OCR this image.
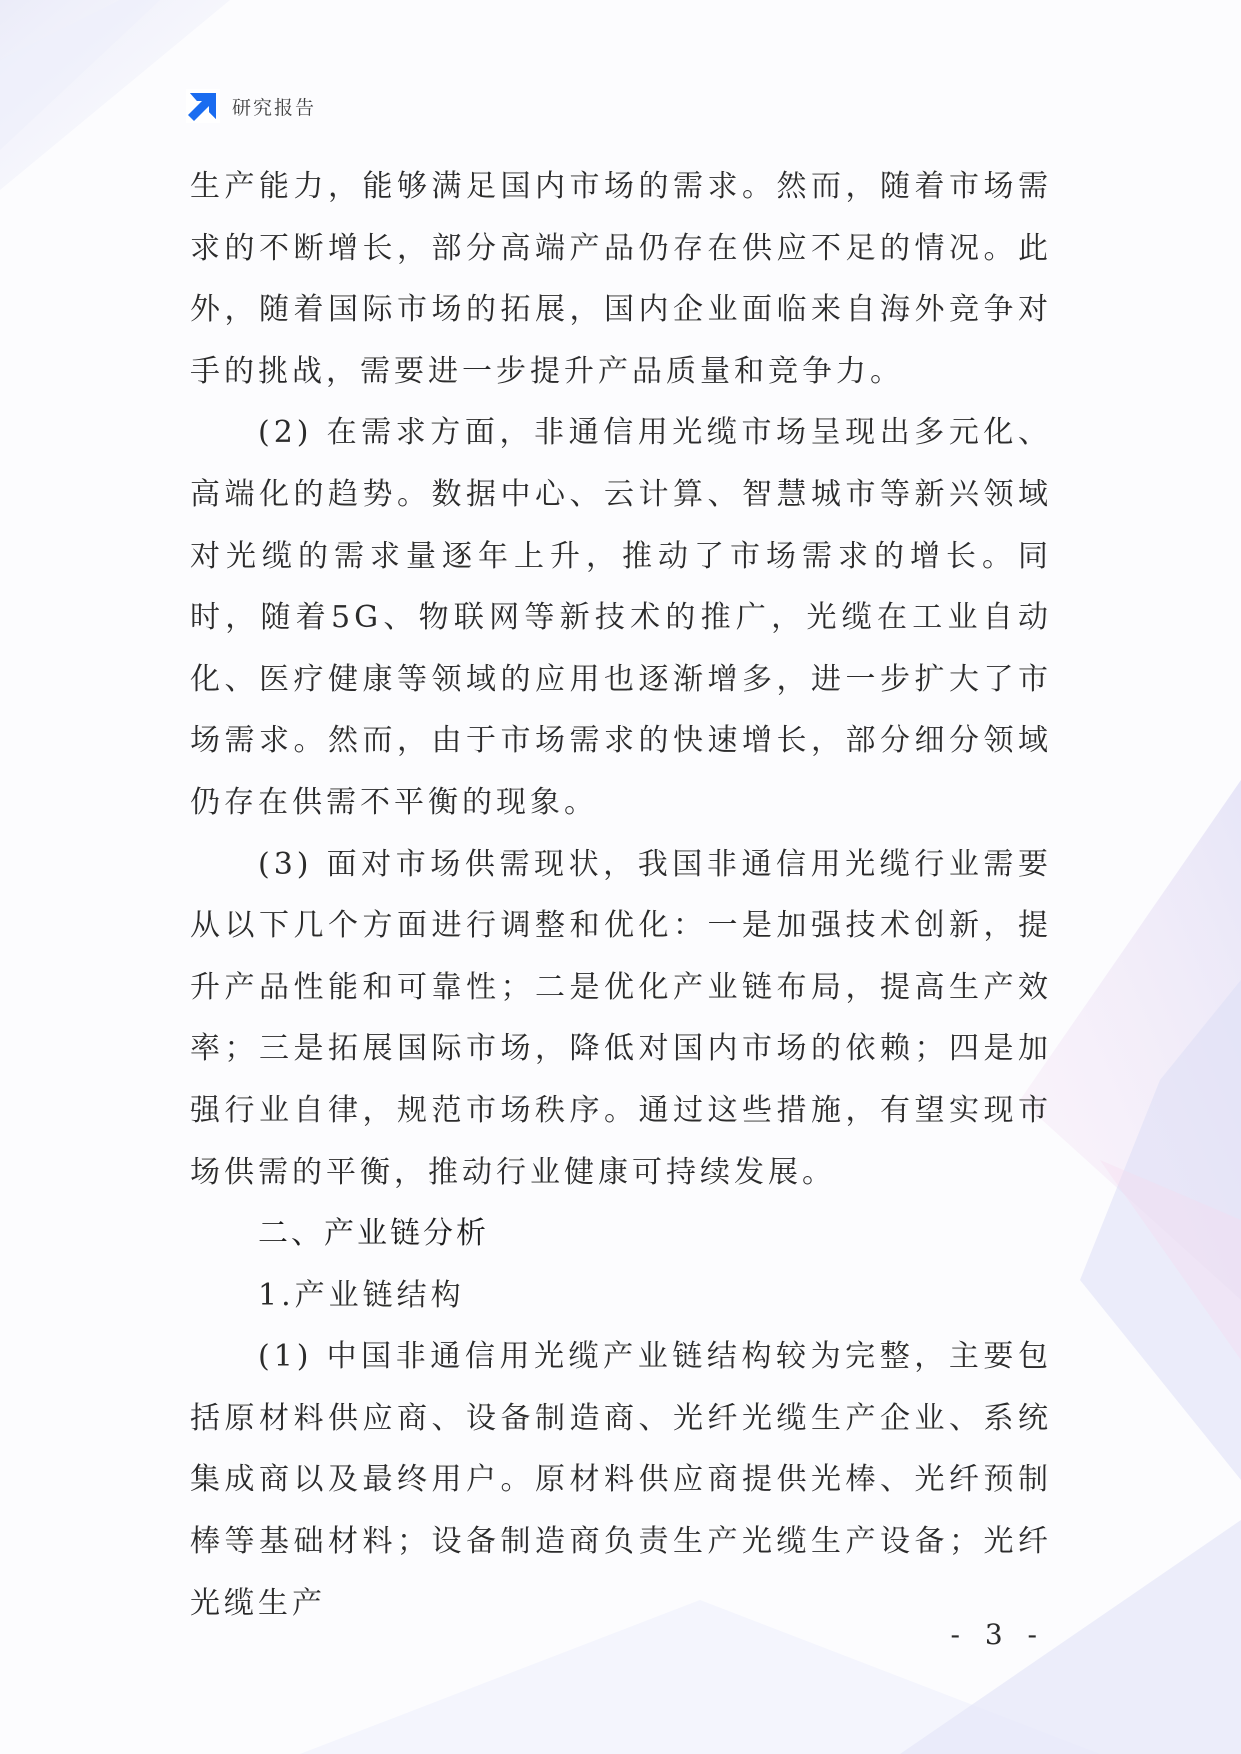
研究报告

生产能力，能够满足国内市场的需求。然而，随着市场需求的不断增长，部分高端产品仍存在供应不足的情况。此外，随着国际市场的拓展，国内企业面临来自海外竞争对手的挑战，需要进一步提升产品质量和竞争力。

(2) 在需求方面，非通信用光缆市场呈现出多元化、高端化的趋势。数据中心、云计算、智慧城市等新兴领域对光缆的需求量逐年上升，推动了市场需求的增长。同时，随着5G、物联网等新技术的推广，光缆在工业自动化、医疗健康等领域的应用也逐渐增多，进一步扩大了市场需求。然而，由于市场需求的快速增长，部分细分领域仍存在供需不平衡的现象。

(3) 面对市场供需现状，我国非通信用光缆行业需要从以下几个方面进行调整和优化：一是加强技术创新，提升产品性能和可靠性；二是优化产业链布局，提高生产效率；三是拓展国际市场，降低对国内市场的依赖；四是加强行业自律，规范市场秩序。通过这些措施，有望实现市场供需的平衡，推动行业健康可持续发展。

二、产业链分析

1.产业链结构

(1) 中国非通信用光缆产业链结构较为完整，主要包括原材料供应商、设备制造商、光纤光缆生产企业、系统集成商以及最终用户。原材料供应商提供光棒、光纤预制棒等基础材料；设备制造商负责生产光缆生产设备；光纤光缆生产

- 3 -
